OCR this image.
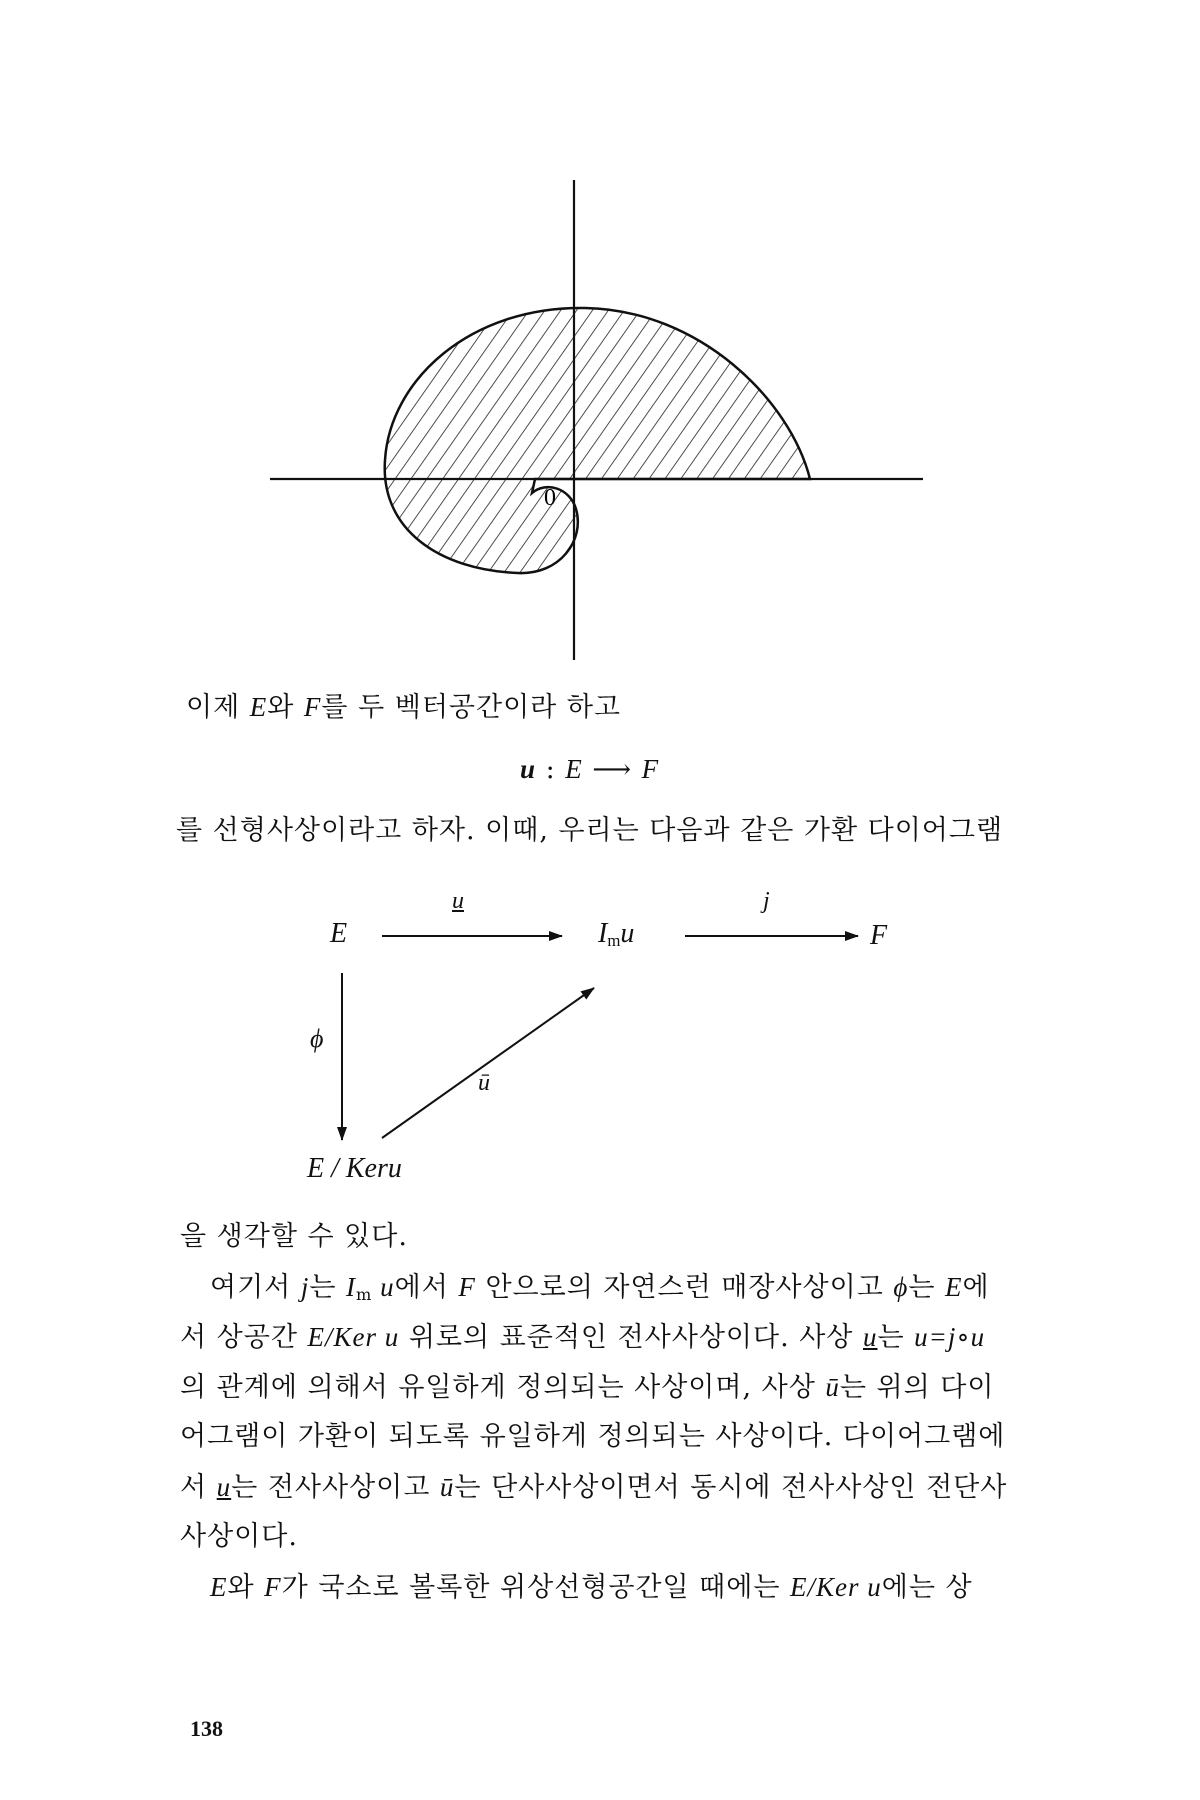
0
이제 E와 F를 두 벡터공간이라 하고
u : E ⟶ F
를 선형사상이라고 하자. 이때, 우리는 다음과 같은 가환 다이어그램
E	$I_mu$	F
u	j
ϕ
ū
E / Keru
을 생각할 수 있다.
여기서 j는 $I_m$ u에서 F 안으로의 자연스런 매장사상이고 ϕ는 E에
서 상공간 E/Ker u 위로의 표준적인 전사사상이다. 사상 u는 u=j∘u
의 관계에 의해서 유일하게 정의되는 사상이며, 사상 ū는 위의 다이
어그램이 가환이 되도록 유일하게 정의되는 사상이다. 다이어그램에
서 u는 전사사상이고 ū는 단사사상이면서 동시에 전사사상인 전단사
사상이다.
E와 F가 국소로 볼록한 위상선형공간일 때에는 E/Ker u에는 상
138
